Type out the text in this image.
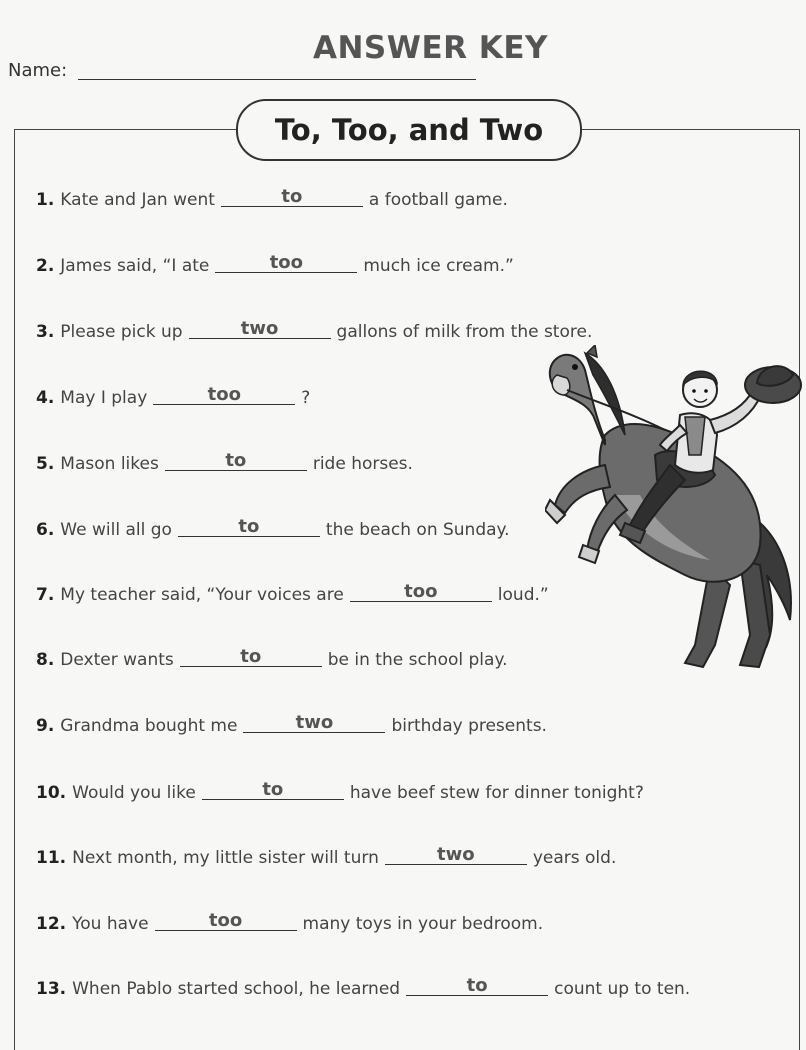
ANSWER KEY
Name:
To, Too, and Two
1. Kate and Jan went	to	a football game.
2. James said, “I ate	too	much ice cream.”
3. Please pick up	two	gallons of milk from the store.
4. May I play	too	?
5. Mason likes	to	ride horses.
6. We will all go	to	the beach on Sunday.
7. My teacher said, “Your voices are	too	loud.”
8. Dexter wants	to	be in the school play.
9. Grandma bought me	two	birthday presents.
10. Would you like	to	have beef stew for dinner tonight?
11. Next month, my little sister will turn	two	years old.
12. You have	too	many toys in your bedroom.
13. When Pablo started school, he learned	to	count up to ten.
